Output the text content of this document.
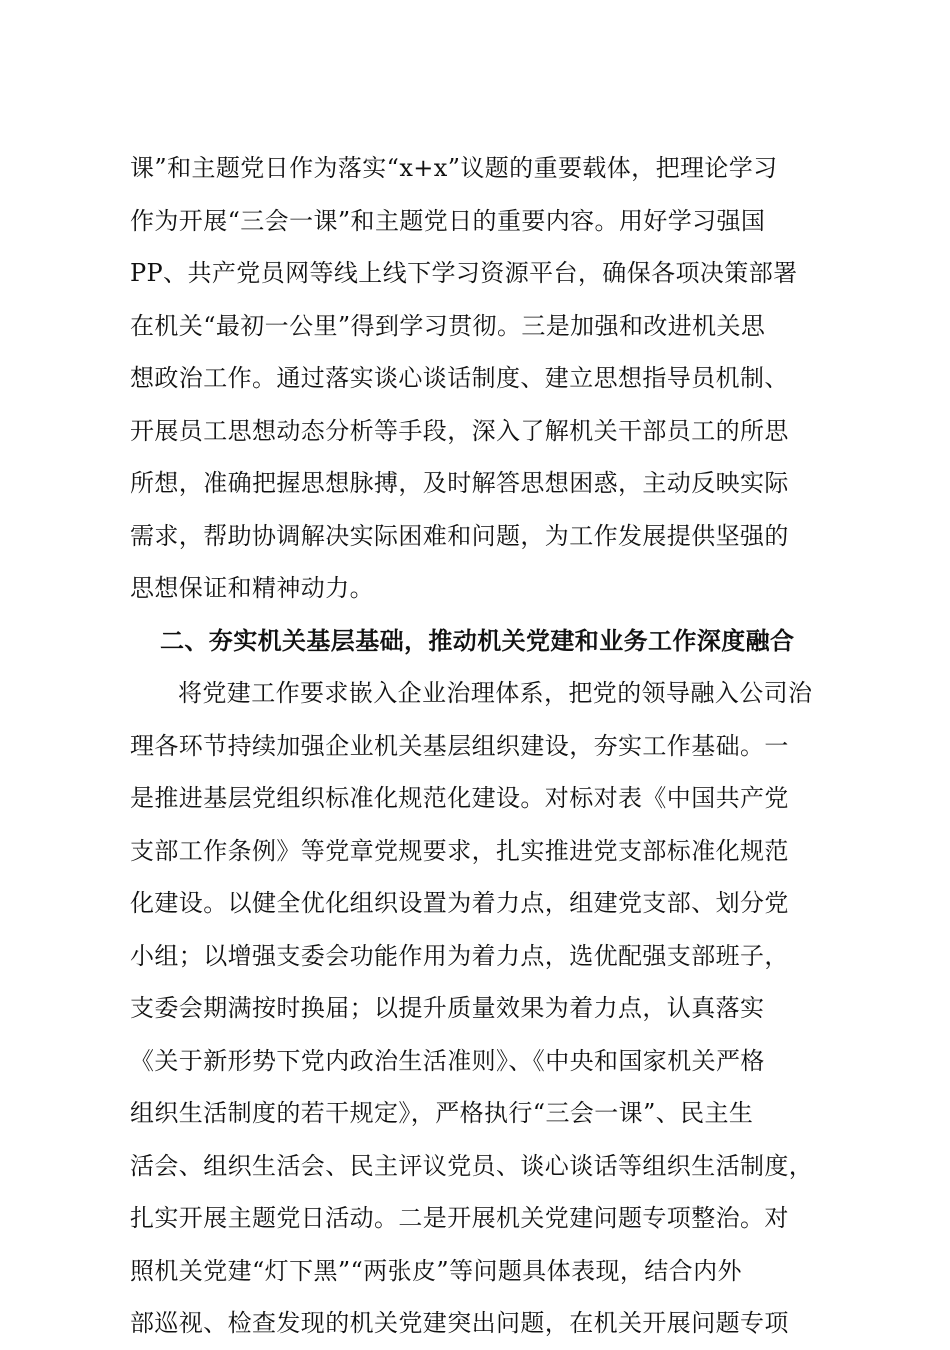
课”和主题党日作为落实“x+x”议题的重要载体，把理论学习
作为开展“三会一课”和主题党日的重要内容。用好学习强国
PP、共产党员网等线上线下学习资源平台，确保各项决策部署
在机关“最初一公里”得到学习贯彻。三是加强和改进机关思
想政治工作。通过落实谈心谈话制度、建立思想指导员机制、
开展员工思想动态分析等手段，深入了解机关干部员工的所思
所想，准确把握思想脉搏，及时解答思想困惑，主动反映实际
需求，帮助协调解决实际困难和问题，为工作发展提供坚强的
思想保证和精神动力。
二、夯实机关基层基础，推动机关党建和业务工作深度融合
将党建工作要求嵌入企业治理体系，把党的领导融入公司治
理各环节持续加强企业机关基层组织建设，夯实工作基础。一
是推进基层党组织标准化规范化建设。对标对表《中国共产党
支部工作条例》等党章党规要求，扎实推进党支部标准化规范
化建设。以健全优化组织设置为着力点，组建党支部、划分党
小组；以增强支委会功能作用为着力点，选优配强支部班子，
支委会期满按时换届；以提升质量效果为着力点，认真落实
《关于新形势下党内政治生活准则》、《中央和国家机关严格
组织生活制度的若干规定》，严格执行“三会一课”、民主生
活会、组织生活会、民主评议党员、谈心谈话等组织生活制度，
扎实开展主题党日活动。二是开展机关党建问题专项整治。对
照机关党建“灯下黑”“两张皮”等问题具体表现，结合内外
部巡视、检查发现的机关党建突出问题，在机关开展问题专项
